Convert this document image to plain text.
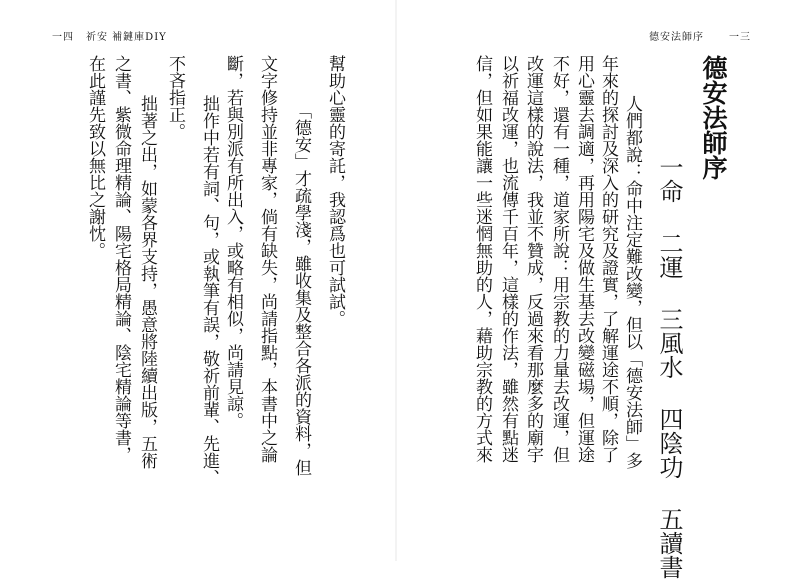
一四 祈安 補鏈庫DIY
幫助心靈的寄託，我認爲也可試試。
「德安」才疏學淺，雖收集及整合各派的資料，但
文字修持並非專家，倘有缺失，尚請指點，本書中之論
斷，若與別派有所出入，或略有相似，尚請見諒。
拙作中若有詞、句，或執筆有誤，敬祈前輩、先進、
不吝指正。
拙著之出，如蒙各界支持，愚意將陸續出版，五術
之書、紫微命理精論、陽宅格局精論、陰宅精論等書，
在此謹先致以無比之謝忱。
德安法師序	一三
德安法師序
一命 二運 三風水 四陰功 五讀書
人們都說：命中注定難改變，但以「德安法師」多
年來的探討及深入的研究及證實，了解運途不順，除了
用心靈去調適，再用陽宅及做生基去改變磁場，但運途
不好，還有一種，道家所說：用宗教的力量去改運，但
改運這樣的說法，我並不贊成，反過來看那麼多的廟宇
以祈福改運，也流傳千百年，這樣的作法，雖然有點迷
信，但如果能讓一些迷惘無助的人，藉助宗教的方式來
